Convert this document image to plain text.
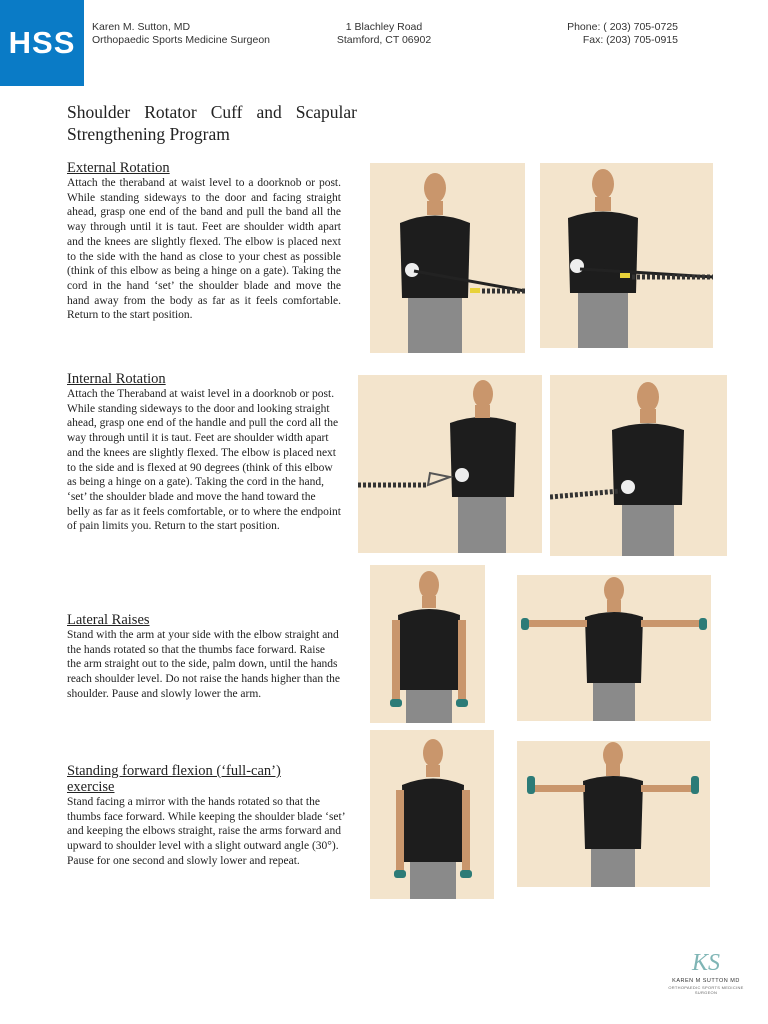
HSS Karen M. Sutton, MD
Orthopaedic Sports Medicine Surgeon
1 Blachley Road
Stamford, CT 06902
Phone: ( 203) 705-0725
Fax: (203) 705-0915
Shoulder Rotator Cuff and Scapular Strengthening Program
External Rotation

Attach the theraband at waist level to a doorknob or post. While standing sideways to the door and facing straight ahead, grasp one end of the band and pull the band all the way through until it is taut. Feet are shoulder width apart and the knees are slightly flexed. The elbow is placed next to the side with the hand as close to your chest as possible (think of this elbow as being a hinge on a gate). Taking the cord in the hand ‘set’ the shoulder blade and move the hand away from the body as far as it feels comfortable. Return to the start position.

Internal Rotation

Attach the Theraband at waist level in a doorknob or post. While standing sideways to the door and looking straight ahead, grasp one end of the handle and pull the cord all the way through until it is taut. Feet are shoulder width apart and the knees are slightly flexed. The elbow is placed next to the side and is flexed at 90 degrees (think of this elbow as being a hinge on a gate). Taking the cord in the hand, ‘set’ the shoulder blade and move the hand toward the belly as far as it feels comfortable, or to where the endpoint of pain limits you. Return to the start position.

Lateral Raises

Stand with the arm at your side with the elbow straight and the hands rotated so that the thumbs face forward. Raise the arm straight out to the side, palm down, until the hands reach shoulder level. Do not raise the hands higher than the shoulder. Pause and slowly lower the arm.

Standing forward flexion (‘full-can’) exercise

Stand facing a mirror with the hands rotated so that the thumbs face forward. While keeping the shoulder blade ‘set’ and keeping the elbows straight, raise the arms forward and upward to shoulder level with a slight outward angle (30°). Pause for one second and slowly lower and repeat.

KS
KAREN M SUTTON MD
ORTHOPAEDIC SPORTS MEDICINE SURGEON
